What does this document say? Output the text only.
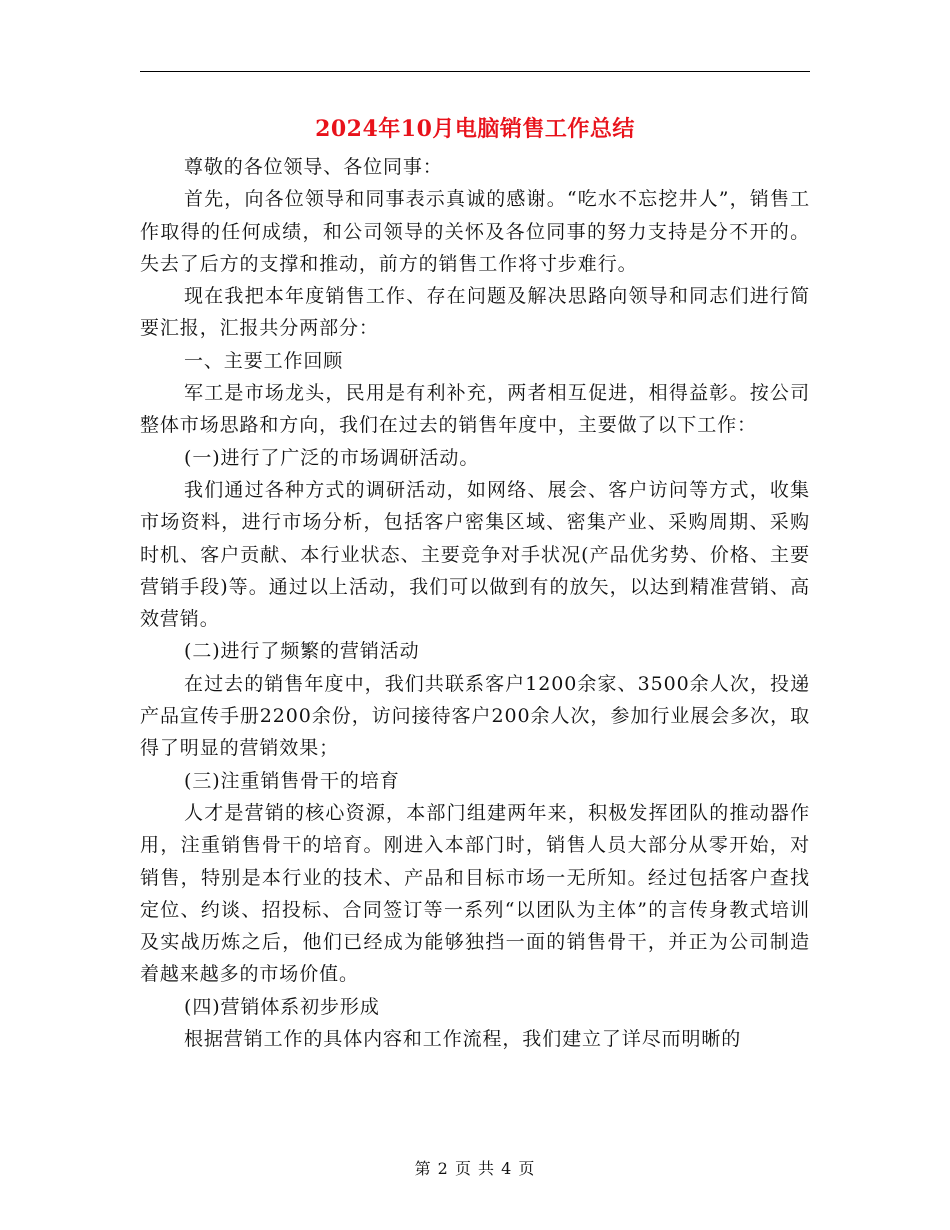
2024年10月电脑销售工作总结

尊敬的各位领导、各位同事：

首先，向各位领导和同事表示真诚的感谢。“吃水不忘挖井人”，销售工作取得的任何成绩，和公司领导的关怀及各位同事的努力支持是分不开的。失去了后方的支撑和推动，前方的销售工作将寸步难行。

现在我把本年度销售工作、存在问题及解决思路向领导和同志们进行简要汇报，汇报共分两部分：

一、主要工作回顾

军工是市场龙头，民用是有利补充，两者相互促进，相得益彰。按公司整体市场思路和方向，我们在过去的销售年度中，主要做了以下工作：

(一)进行了广泛的市场调研活动。

我们通过各种方式的调研活动，如网络、展会、客户访问等方式，收集市场资料，进行市场分析，包括客户密集区域、密集产业、采购周期、采购时机、客户贡献、本行业状态、主要竞争对手状况(产品优劣势、价格、主要营销手段)等。通过以上活动，我们可以做到有的放矢，以达到精准营销、高效营销。

(二)进行了频繁的营销活动

在过去的销售年度中，我们共联系客户1200余家、3500余人次，投递产品宣传手册2200余份，访问接待客户200余人次，参加行业展会多次，取得了明显的营销效果；

(三)注重销售骨干的培育

人才是营销的核心资源，本部门组建两年来，积极发挥团队的推动器作用，注重销售骨干的培育。刚进入本部门时，销售人员大部分从零开始，对销售，特别是本行业的技术、产品和目标市场一无所知。经过包括客户查找定位、约谈、招投标、合同签订等一系列“以团队为主体”的言传身教式培训及实战历炼之后，他们已经成为能够独挡一面的销售骨干，并正为公司制造着越来越多的市场价值。

(四)营销体系初步形成

根据营销工作的具体内容和工作流程，我们建立了详尽而明晰的

第 2 页 共 4 页
